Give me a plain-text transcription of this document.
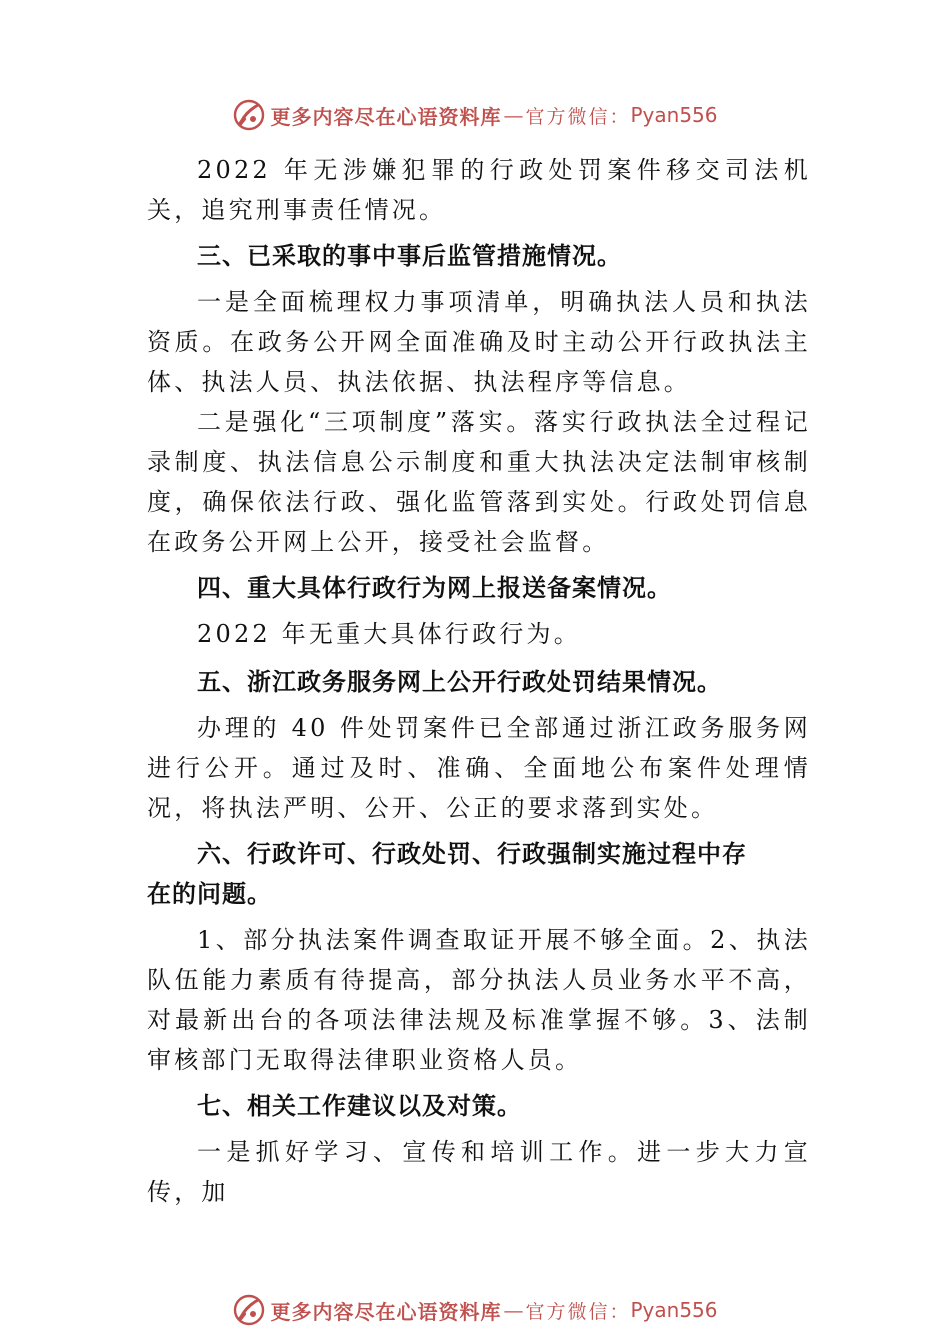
更多内容尽在心语资料库 — 官方微信： Pyan556

2022 年无涉嫌犯罪的行政处罚案件移交司法机关，追究刑事责任情况。

三、已采取的事中事后监管措施情况。

一是全面梳理权力事项清单，明确执法人员和执法资质。在政务公开网全面准确及时主动公开行政执法主体、执法人员、执法依据、执法程序等信息。

二是强化“三项制度”落实。落实行政执法全过程记录制度、执法信息公示制度和重大执法决定法制审核制度，确保依法行政、强化监管落到实处。行政处罚信息在政务公开网上公开，接受社会监督。

四、重大具体行政行为网上报送备案情况。

2022 年无重大具体行政行为。

五、浙江政务服务网上公开行政处罚结果情况。

办理的 40 件处罚案件已全部通过浙江政务服务网进行公开。通过及时、准确、全面地公布案件处理情况，将执法严明、公开、公正的要求落到实处。

六、行政许可、行政处罚、行政强制实施过程中存
在的问题。

1、部分执法案件调查取证开展不够全面。2、执法队伍能力素质有待提高，部分执法人员业务水平不高，对最新出台的各项法律法规及标准掌握不够。3、法制审核部门无取得法律职业资格人员。

七、相关工作建议以及对策。

一是抓好学习、宣传和培训工作。进一步大力宣传，加

更多内容尽在心语资料库 — 官方微信： Pyan556
